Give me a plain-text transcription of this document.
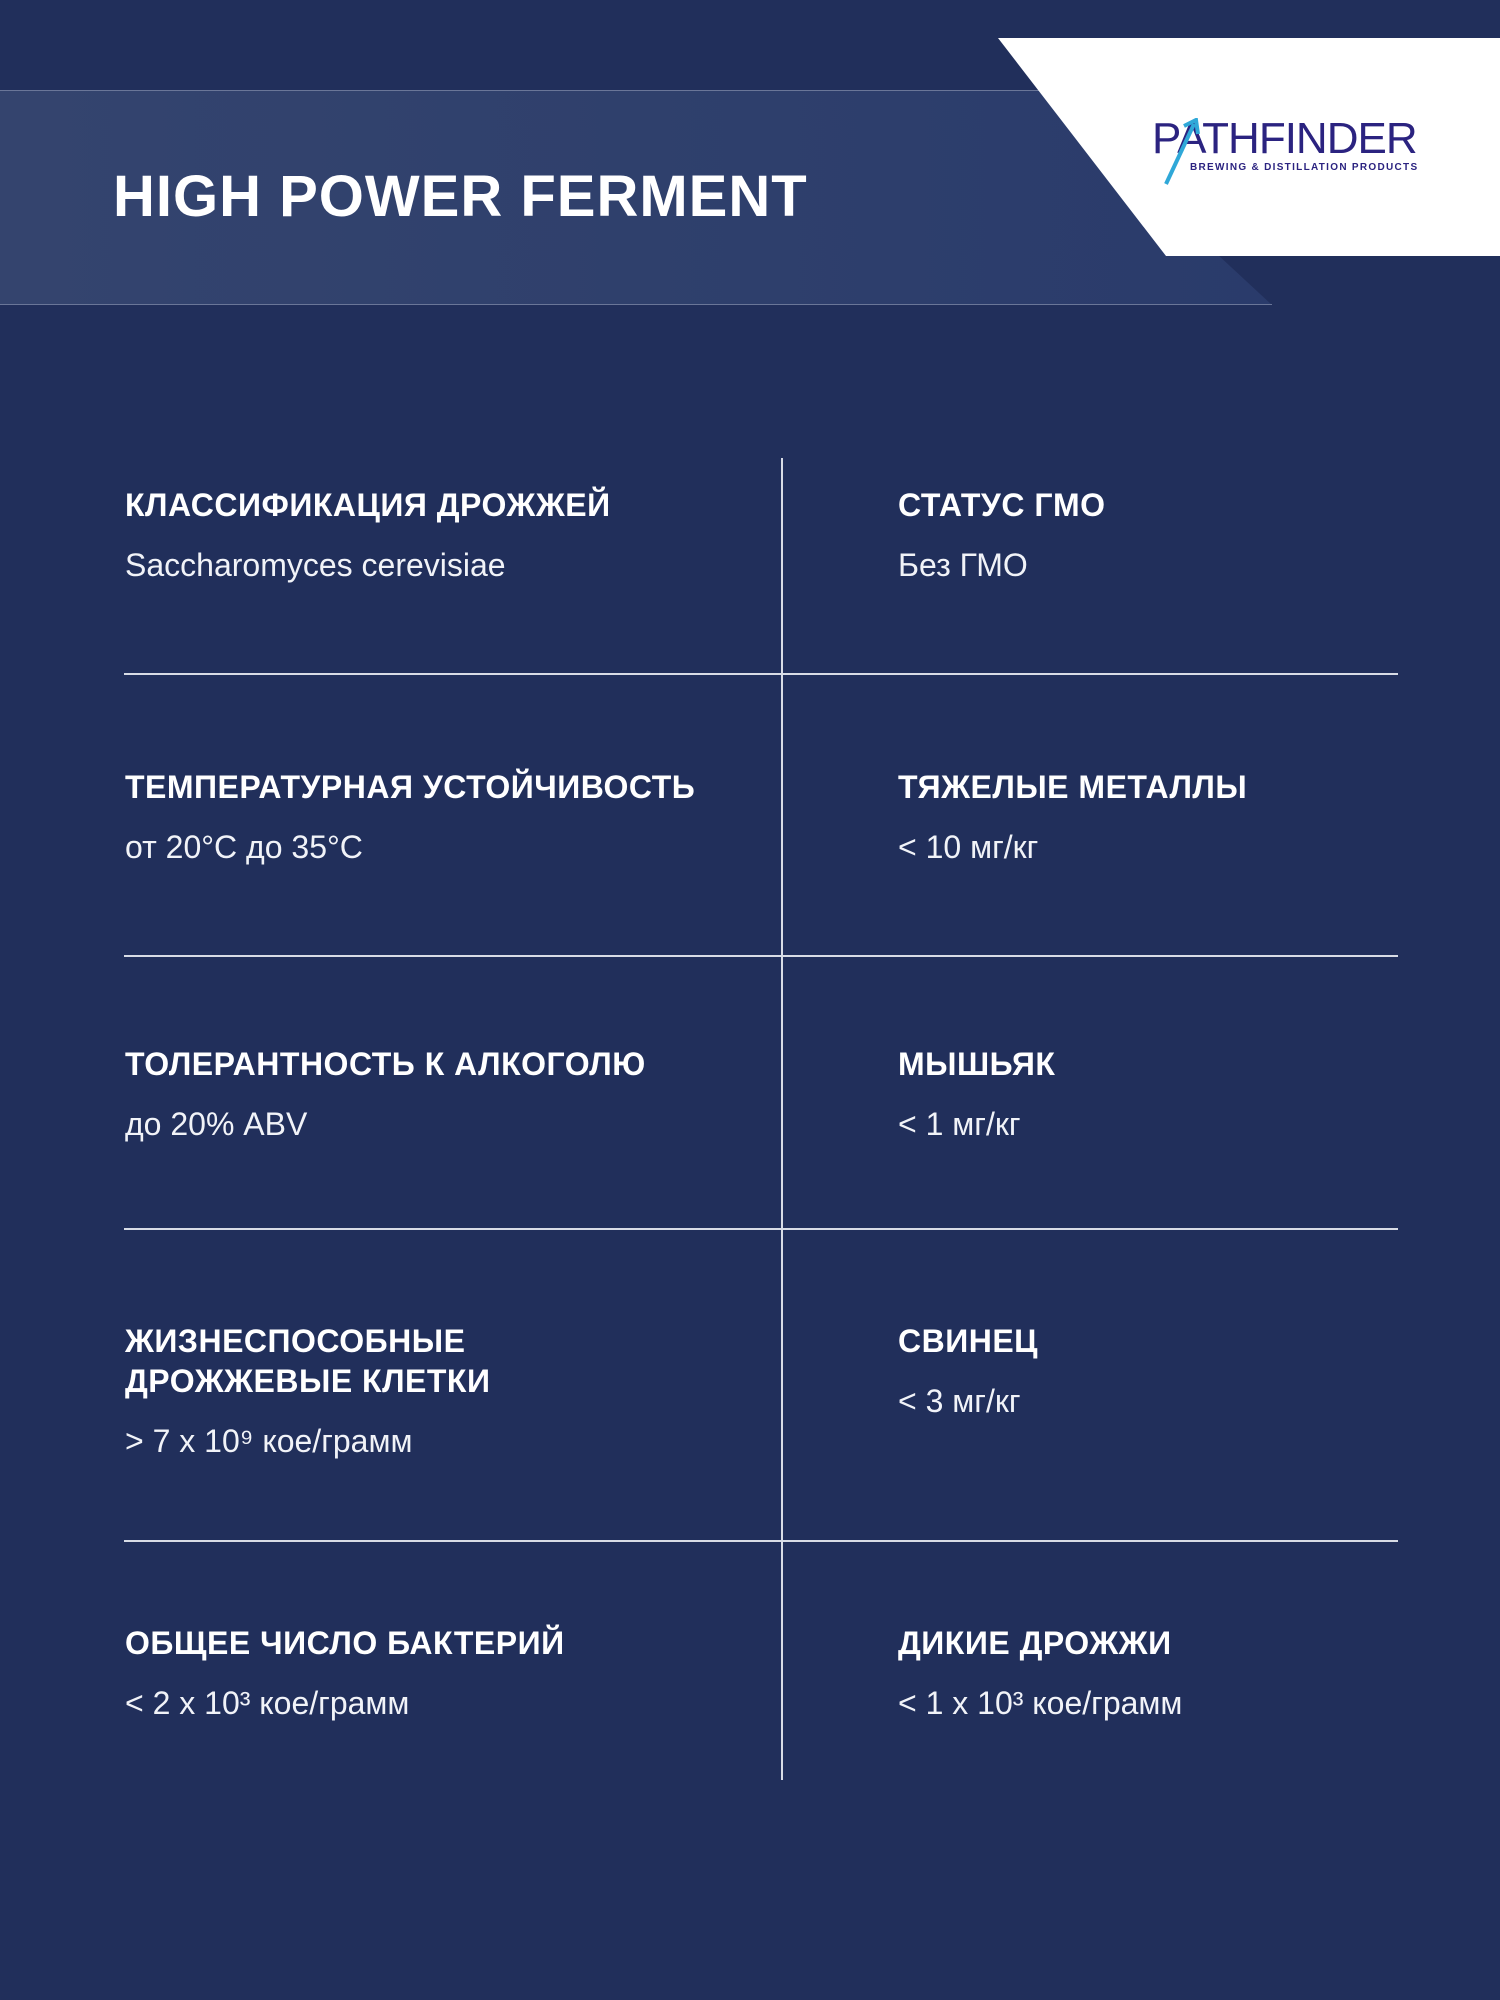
HIGH POWER FERMENT
PATHFINDER
BREWING & DISTILLATION PRODUCTS
КЛАССИФИКАЦИЯ ДРОЖЖЕЙ
Saccharomyces cerevisiae
СТАТУС ГМО
Без ГМО
ТЕМПЕРАТУРНАЯ УСТОЙЧИВОСТЬ
от 20°С до 35°С
ТЯЖЕЛЫЕ МЕТАЛЛЫ
< 10 мг/кг
ТОЛЕРАНТНОСТЬ К АЛКОГОЛЮ
до 20% ABV
МЫШЬЯК
< 1 мг/кг
ЖИЗНЕСПОСОБНЫЕ ДРОЖЖЕВЫЕ КЛЕТКИ
> 7 x 10⁹ кое/грамм
СВИНЕЦ
< 3 мг/кг
ОБЩЕЕ ЧИСЛО БАКТЕРИЙ
< 2 x 10³ кое/грамм
ДИКИЕ ДРОЖЖИ
< 1 x 10³ кое/грамм
